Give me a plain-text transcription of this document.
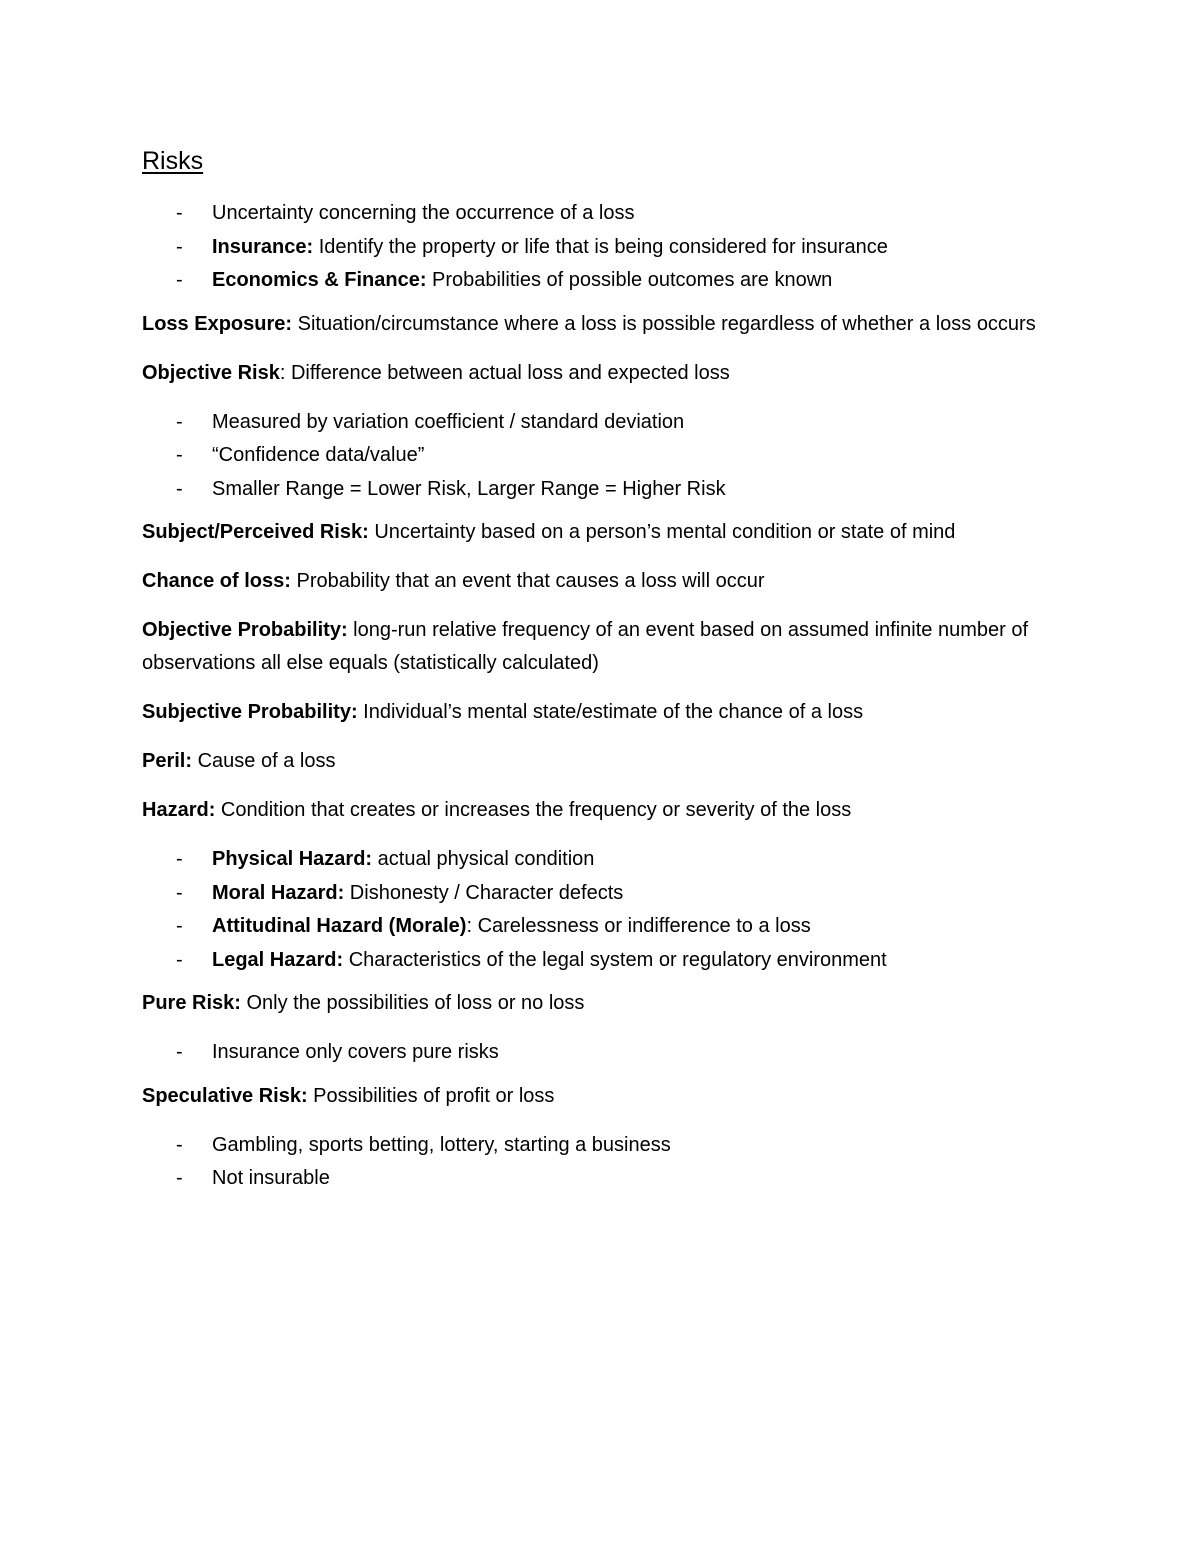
Risks
- Uncertainty concerning the occurrence of a loss
- Insurance: Identify the property or life that is being considered for insurance
- Economics & Finance: Probabilities of possible outcomes are known

Loss Exposure: Situation/circumstance where a loss is possible regardless of whether a loss occurs

Objective Risk: Difference between actual loss and expected loss

- Measured by variation coefficient / standard deviation
- “Confidence data/value”
- Smaller Range = Lower Risk, Larger Range = Higher Risk

Subject/Perceived Risk: Uncertainty based on a person’s mental condition or state of mind

Chance of loss: Probability that an event that causes a loss will occur

Objective Probability: long-run relative frequency of an event based on assumed infinite number of observations all else equals (statistically calculated)

Subjective Probability: Individual’s mental state/estimate of the chance of a loss

Peril: Cause of a loss

Hazard: Condition that creates or increases the frequency or severity of the loss

- Physical Hazard: actual physical condition
- Moral Hazard: Dishonesty / Character defects
- Attitudinal Hazard (Morale): Carelessness or indifference to a loss
- Legal Hazard: Characteristics of the legal system or regulatory environment

Pure Risk: Only the possibilities of loss or no loss

- Insurance only covers pure risks

Speculative Risk: Possibilities of profit or loss

- Gambling, sports betting, lottery, starting a business
- Not insurable
